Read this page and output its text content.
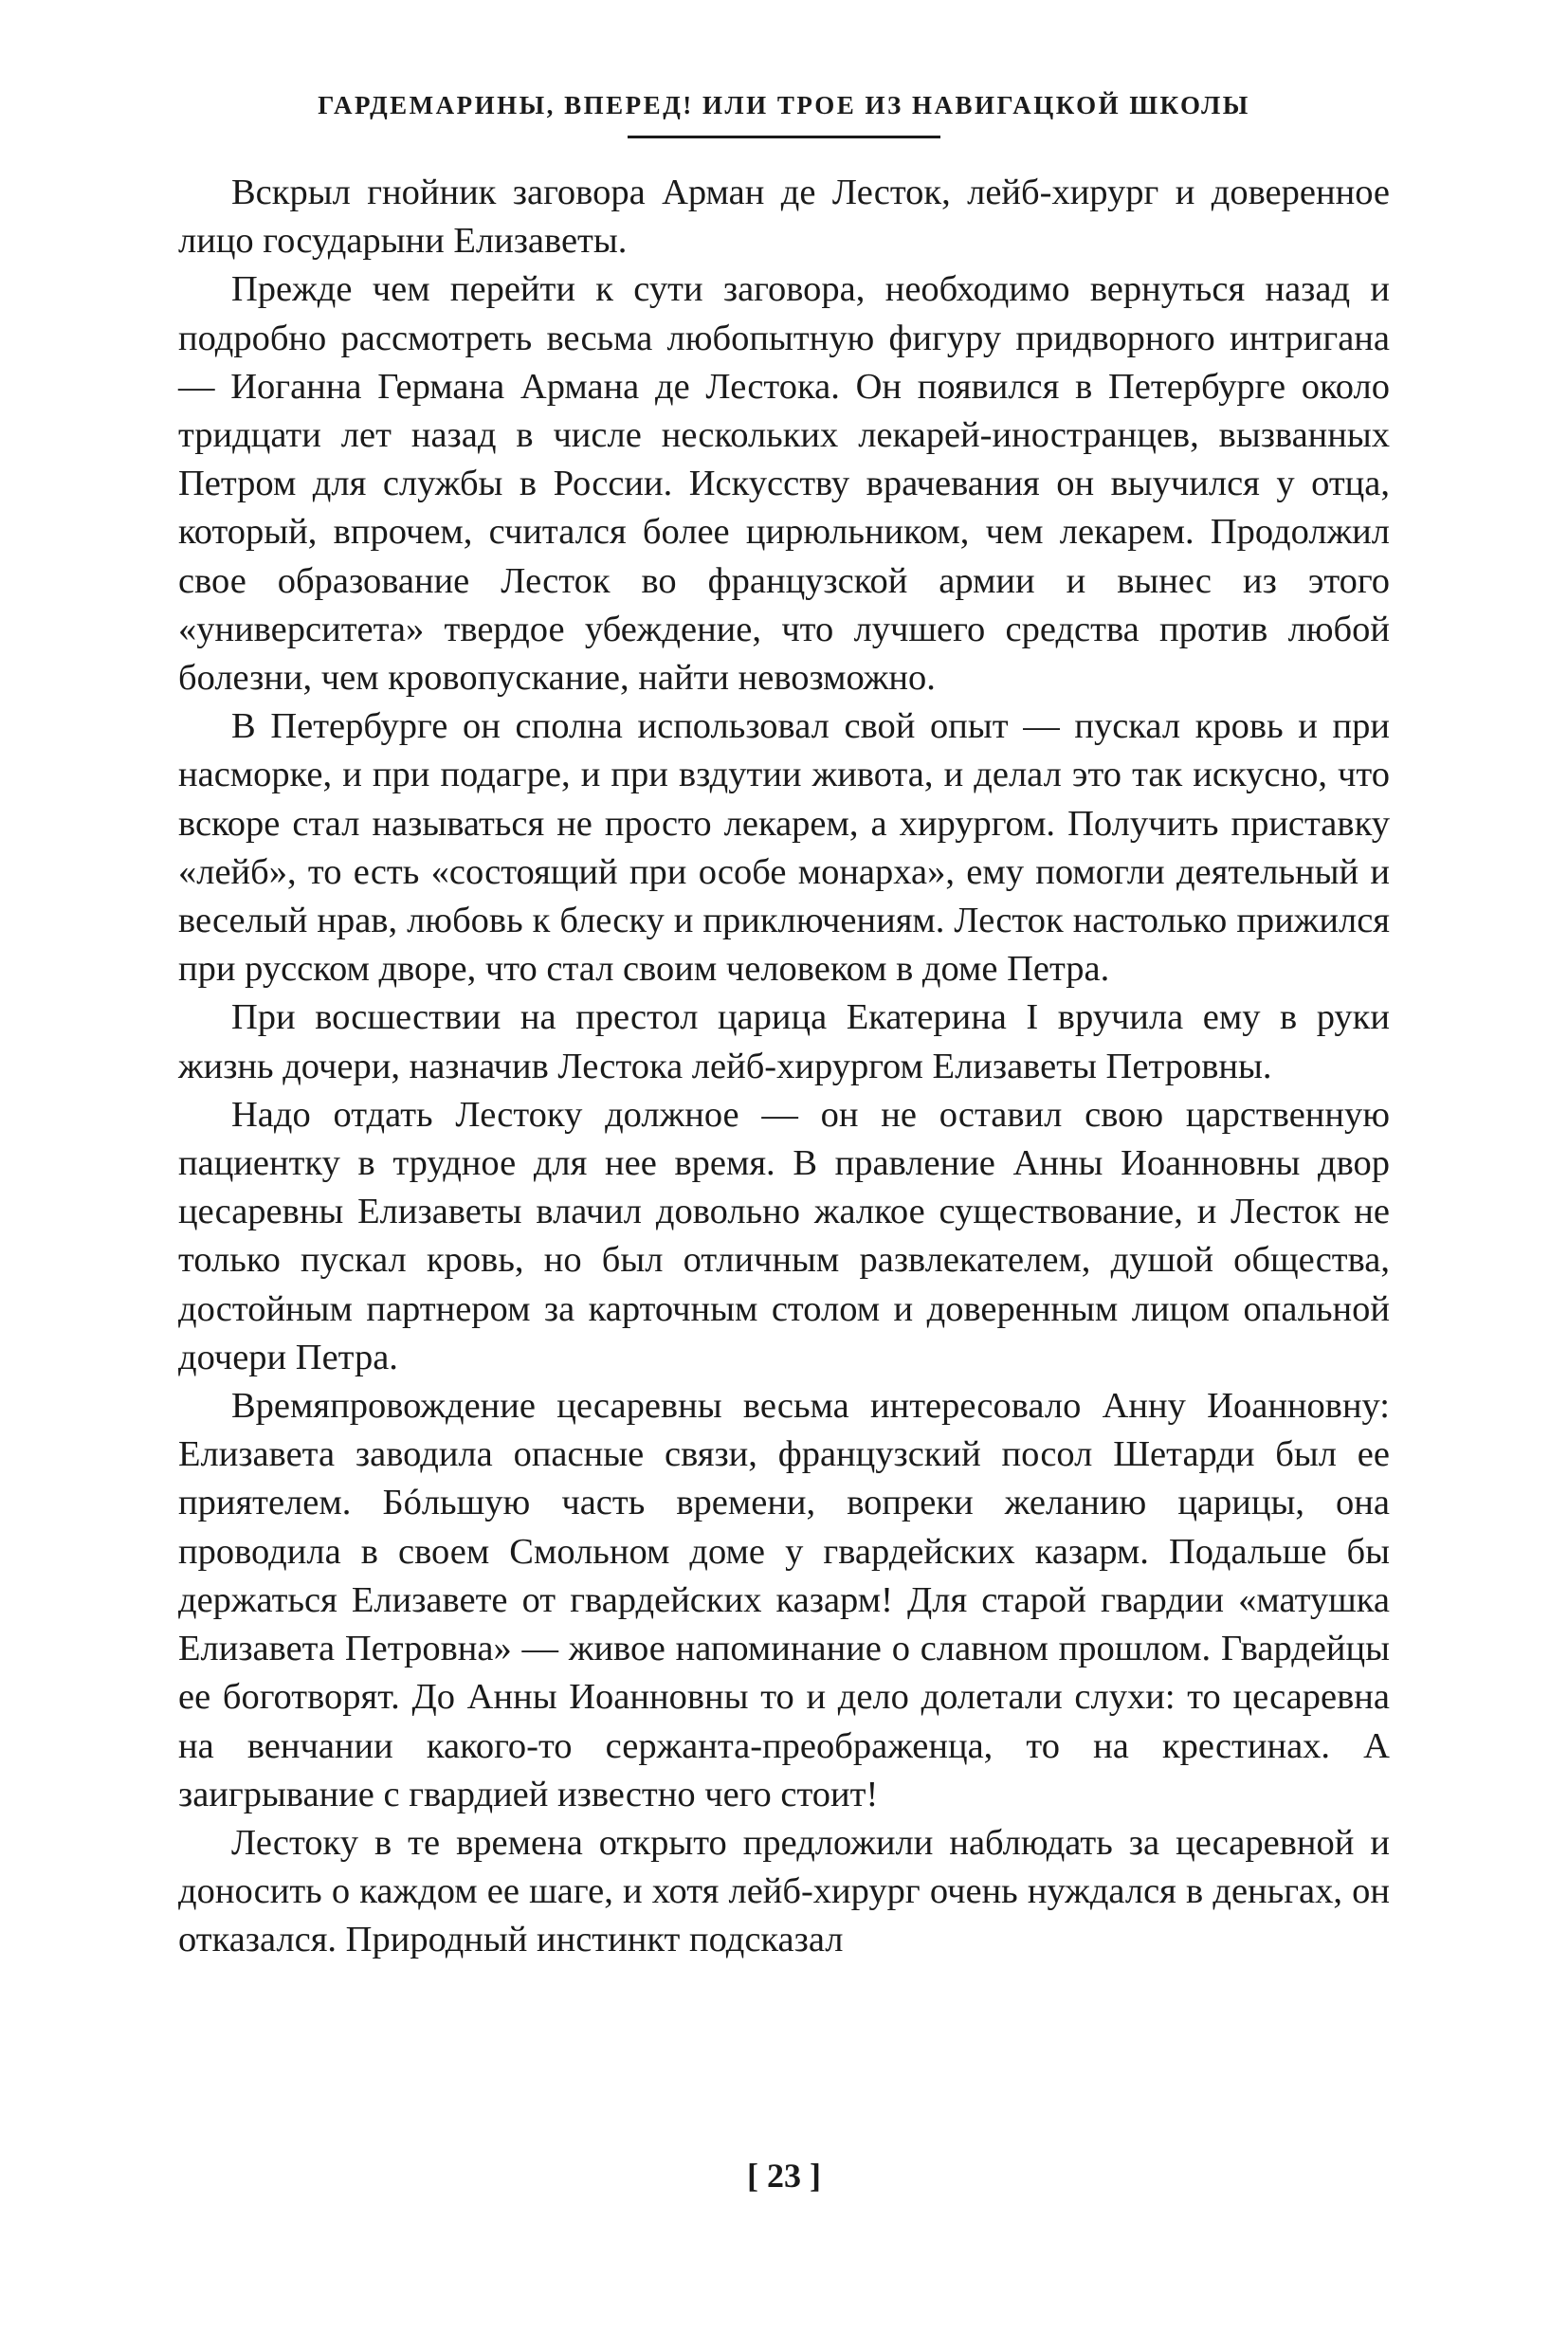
ГАРДЕМАРИНЫ, ВПЕРЕД! ИЛИ ТРОЕ ИЗ НАВИГАЦКОЙ ШКОЛЫ

Вскрыл гнойник заговора Арман де Лесток, лейб-хирург и доверенное лицо государыни Елизаветы.

Прежде чем перейти к сути заговора, необходимо вернуться назад и подробно рассмотреть весьма любопытную фигуру придворного интригана — Иоганна Германа Армана де Лестока. Он появился в Петербурге около тридцати лет назад в числе нескольких лекарей-иностранцев, вызванных Петром для службы в России. Искусству врачевания он выучился у отца, который, впрочем, считался более цирюльником, чем лекарем. Продолжил свое образование Лесток во французской армии и вынес из этого «университета» твердое убеждение, что лучшего средства против любой болезни, чем кровопускание, найти невозможно.

В Петербурге он сполна использовал свой опыт — пускал кровь и при насморке, и при подагре, и при вздутии живота, и делал это так искусно, что вскоре стал называться не просто лекарем, а хирургом. Получить приставку «лейб», то есть «состоящий при особе монарха», ему помогли деятельный и веселый нрав, любовь к блеску и приключениям. Лесток настолько прижился при русском дворе, что стал своим человеком в доме Петра.

При восшествии на престол царица Екатерина I вручила ему в руки жизнь дочери, назначив Лестока лейб-хирургом Елизаветы Петровны.

Надо отдать Лестоку должное — он не оставил свою царственную пациентку в трудное для нее время. В правление Анны Иоанновны двор цесаревны Елизаветы влачил довольно жалкое существование, и Лесток не только пускал кровь, но был отличным развлекателем, душой общества, достойным партнером за карточным столом и доверенным лицом опальной дочери Петра.

Времяпровождение цесаревны весьма интересовало Анну Иоанновну: Елизавета заводила опасные связи, французский посол Шетарди был ее приятелем. Бóльшую часть времени, вопреки желанию царицы, она проводила в своем Смольном доме у гвардейских казарм. Подальше бы держаться Елизавете от гвардейских казарм! Для старой гвардии «матушка Елизавета Петровна» — живое напоминание о славном прошлом. Гвардейцы ее боготворят. До Анны Иоанновны то и дело долетали слухи: то цесаревна на венчании какого-то сержанта-преображенца, то на крестинах. А заигрывание с гвардией известно чего стоит!

Лестоку в те времена открыто предложили наблюдать за цесаревной и доносить о каждом ее шаге, и хотя лейб-хирург очень нуждался в деньгах, он отказался. Природный инстинкт подсказал

[ 23 ]
